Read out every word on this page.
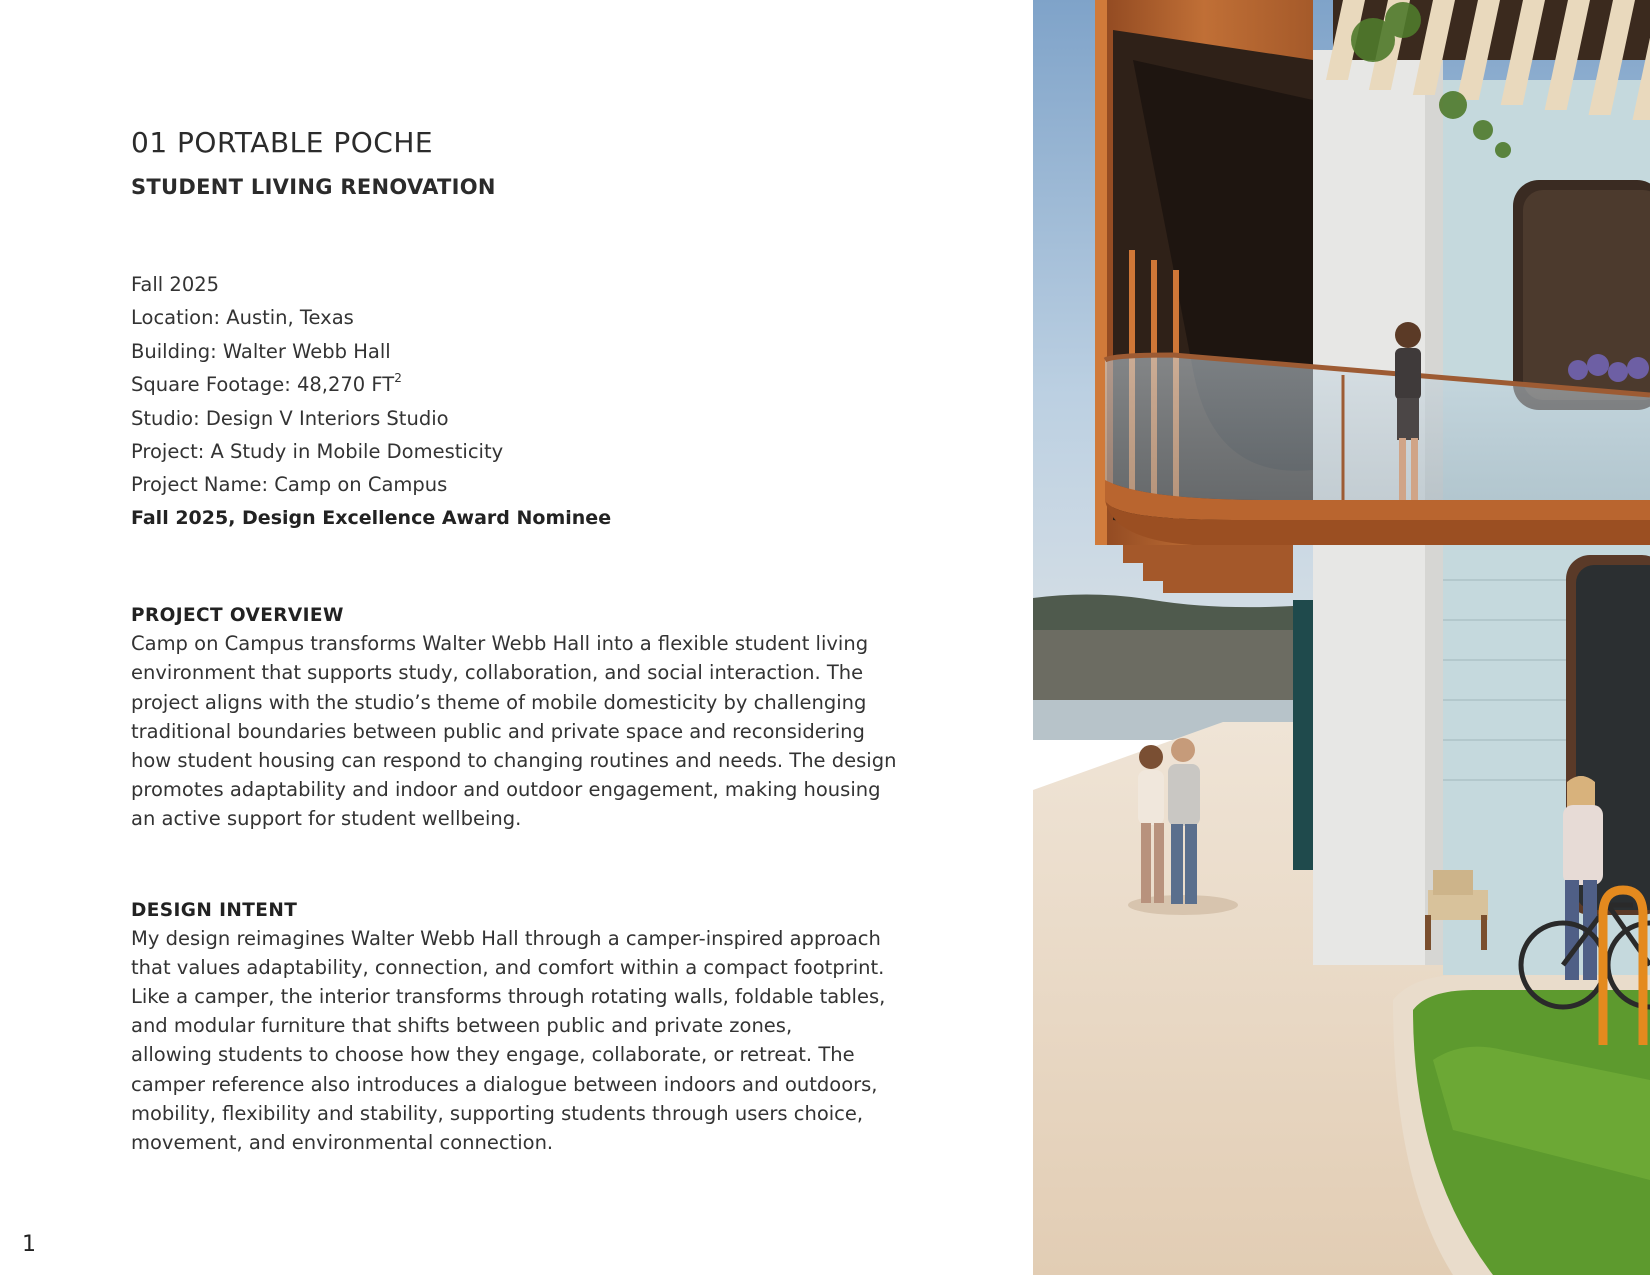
01 PORTABLE POCHE
STUDENT LIVING RENOVATION
Fall 2025
Location: Austin, Texas
Building: Walter Webb Hall
Square Footage: 48,270 $FT^2$
Studio: Design V Interiors Studio
Project: A Study in Mobile Domesticity
Project Name: Camp on Campus
Fall 2025, Design Excellence Award Nominee
PROJECT OVERVIEW
Camp on Campus transforms Walter Webb Hall into a flexible student living
environment that supports study, collaboration, and social interaction. The
project aligns with the studio’s theme of mobile domesticity by challenging
traditional boundaries between public and private space and reconsidering
how student housing can respond to changing routines and needs. The design
promotes adaptability and indoor and outdoor engagement, making housing
an active support for student wellbeing.
DESIGN INTENT
My design reimagines Walter Webb Hall through a camper-inspired approach
that values adaptability, connection, and comfort within a compact footprint.
Like a camper, the interior transforms through rotating walls, foldable tables,
and modular furniture that shifts between public and private zones,
allowing students to choose how they engage, collaborate, or retreat. The
camper reference also introduces a dialogue between indoors and outdoors,
mobility, flexibility and stability, supporting students through users choice,
movement, and environmental connection.
1
